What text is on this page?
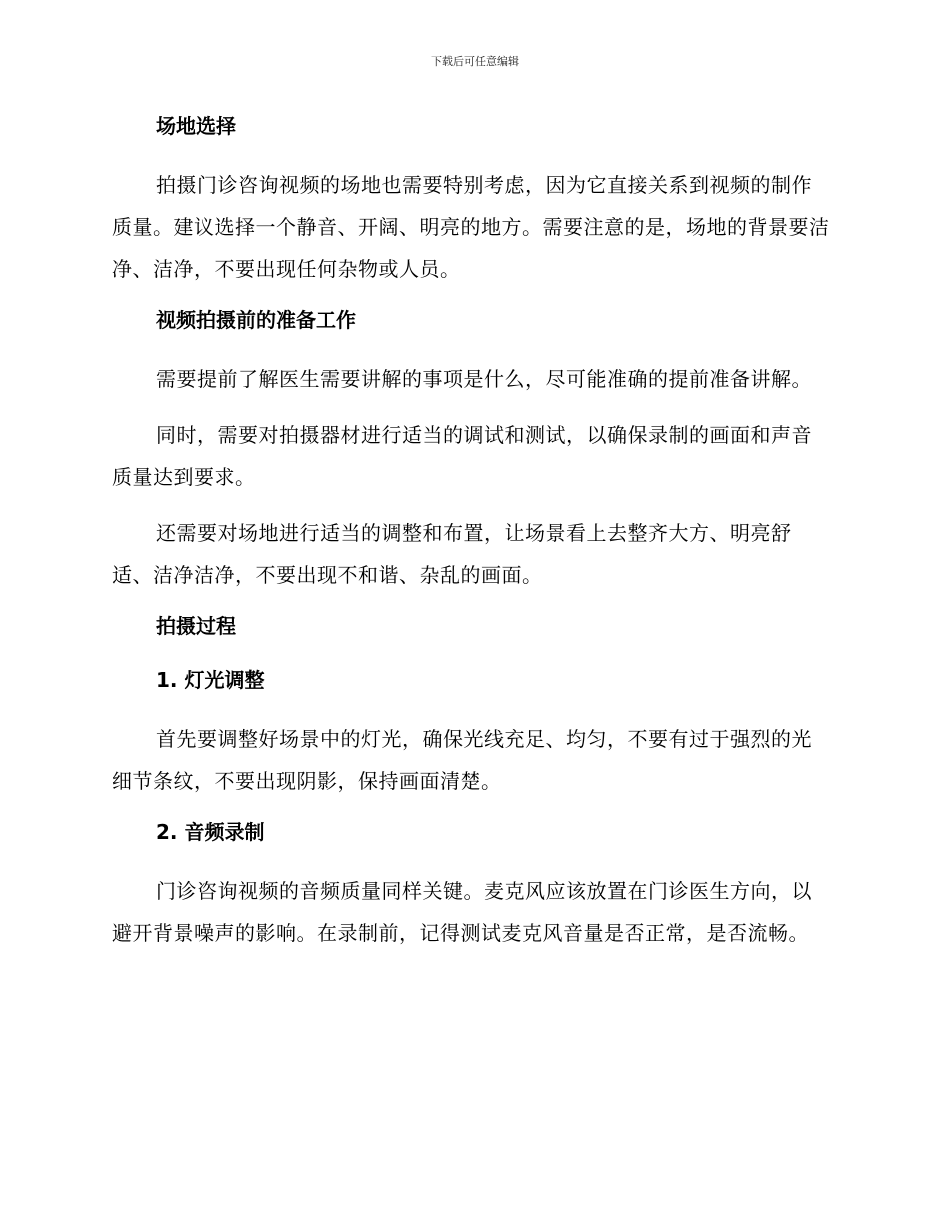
下载后可任意编辑
场地选择
拍摄门诊咨询视频的场地也需要特别考虑，因为它直接关系到视频的制作质量。建议选择一个静音、开阔、明亮的地方。需要注意的是，场地的背景要洁净、洁净，不要出现任何杂物或人员。
视频拍摄前的准备工作
需要提前了解医生需要讲解的事项是什么，尽可能准确的提前准备讲解。
同时，需要对拍摄器材进行适当的调试和测试，以确保录制的画面和声音质量达到要求。
还需要对场地进行适当的调整和布置，让场景看上去整齐大方、明亮舒适、洁净洁净，不要出现不和谐、杂乱的画面。
拍摄过程
1. 灯光调整
首先要调整好场景中的灯光，确保光线充足、均匀，不要有过于强烈的光细节条纹，不要出现阴影，保持画面清楚。
2. 音频录制
门诊咨询视频的音频质量同样关键。麦克风应该放置在门诊医生方向，以避开背景噪声的影响。在录制前，记得测试麦克风音量是否正常，是否流畅。
